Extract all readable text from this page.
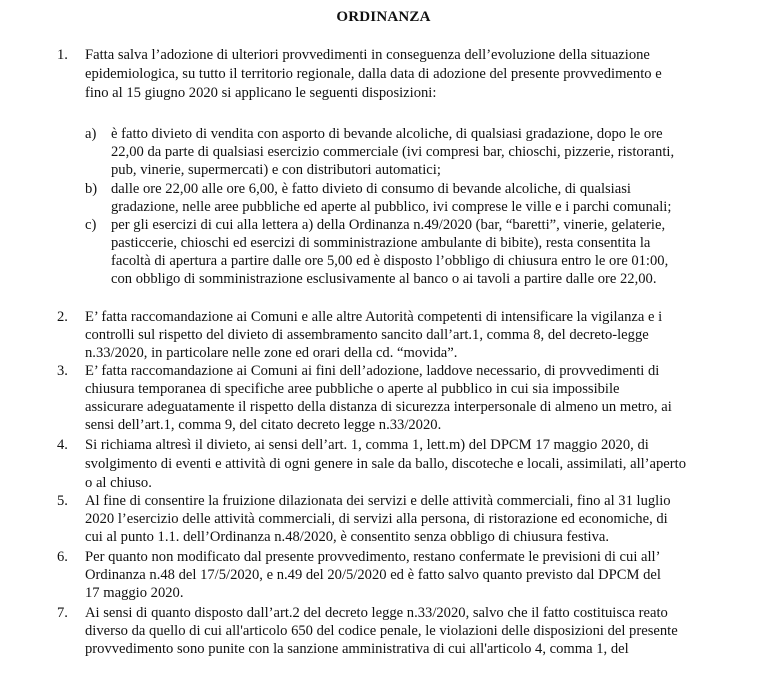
ORDINANZA
1. Fatta salva l’adozione di ulteriori provvedimenti in conseguenza dell’evoluzione della situazione
epidemiologica, su tutto il territorio regionale, dalla data di adozione del presente provvedimento e
fino al 15 giugno 2020 si applicano le seguenti disposizioni:
a) è fatto divieto di vendita con asporto di bevande alcoliche, di qualsiasi gradazione, dopo le ore
22,00 da parte di qualsiasi esercizio commerciale (ivi compresi bar, chioschi, pizzerie, ristoranti,
pub, vinerie, supermercati) e con distributori automatici;
b) dalle ore 22,00 alle ore 6,00, è fatto divieto di consumo di bevande alcoliche, di qualsiasi
gradazione, nelle aree pubbliche ed aperte al pubblico, ivi comprese le ville e i parchi comunali;
c) per gli esercizi di cui alla lettera a) della Ordinanza n.49/2020 (bar, “baretti”, vinerie, gelaterie,
pasticcerie, chioschi ed esercizi di somministrazione ambulante di bibite), resta consentita la
facoltà di apertura a partire dalle ore 5,00 ed è disposto l’obbligo di chiusura entro le ore 01:00,
con obbligo di somministrazione esclusivamente al banco o ai tavoli a partire dalle ore 22,00.
2. E’ fatta raccomandazione ai Comuni e alle altre Autorità competenti di intensificare la vigilanza e i
controlli sul rispetto del divieto di assembramento sancito dall’art.1, comma 8, del decreto-legge
n.33/2020, in particolare nelle zone ed orari della cd. “movida”.
3. E’ fatta raccomandazione ai Comuni ai fini dell’adozione, laddove necessario, di provvedimenti di
chiusura temporanea di specifiche aree pubbliche o aperte al pubblico in cui sia impossibile
assicurare adeguatamente il rispetto della distanza di sicurezza interpersonale di almeno un metro, ai
sensi dell’art.1, comma 9, del citato decreto legge n.33/2020.
4. Si richiama altresì il divieto, ai sensi dell’art. 1, comma 1, lett.m) del DPCM 17 maggio 2020, di
svolgimento di eventi e attività di ogni genere in sale da ballo, discoteche e locali, assimilati, all’aperto
o al chiuso.
5. Al fine di consentire la fruizione dilazionata dei servizi e delle attività commerciali, fino al 31 luglio
2020 l’esercizio delle attività commerciali, di servizi alla persona, di ristorazione ed economiche, di
cui al punto 1.1. dell’Ordinanza n.48/2020, è consentito senza obbligo di chiusura festiva.
6. Per quanto non modificato dal presente provvedimento, restano confermate le previsioni di cui all’
Ordinanza n.48 del 17/5/2020, e n.49 del 20/5/2020 ed è fatto salvo quanto previsto dal DPCM del
17 maggio 2020.
7. Ai sensi di quanto disposto dall’art.2 del decreto legge n.33/2020, salvo che il fatto costituisca reato
diverso da quello di cui all'articolo 650 del codice penale, le violazioni delle disposizioni del presente
provvedimento sono punite con la sanzione amministrativa di cui all'articolo 4, comma 1, del
